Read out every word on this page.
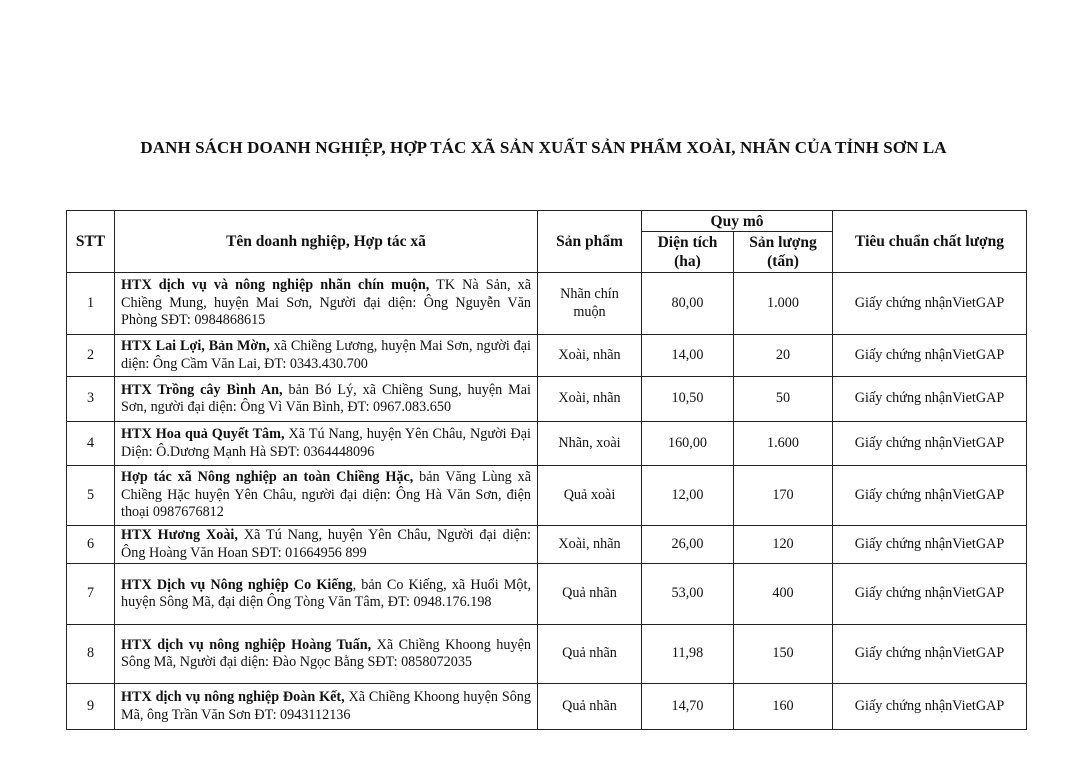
DANH SÁCH DOANH NGHIỆP, HỢP TÁC XÃ SẢN XUẤT SẢN PHẨM XOÀI, NHÃN CỦA TỈNH SƠN LA
STT	Tên doanh nghiệp, Hợp tác xã	Sản phẩm	Quy mô		Tiêu chuẩn chất lượng
			Diện tích (ha)	Sản lượng (tấn)	
1	HTX dịch vụ và nông nghiệp nhãn chín muộn, TK Nà Sản, xã Chiềng Mung, huyện Mai Sơn, Người đại diện: Ông Nguyễn Văn Phòng SĐT: 0984868615	Nhãn chín muộn	80,00	1.000	Giấy chứng nhậnVietGAP
2	HTX Lai Lợi, Bản Mờn, xã Chiềng Lương, huyện Mai Sơn, người đại diện: Ông Cầm Văn Lai, ĐT: 0343.430.700	Xoài, nhãn	14,00	20	Giấy chứng nhậnVietGAP
3	HTX Trồng cây Bình An, bản Bó Lý, xã Chiềng Sung, huyện Mai Sơn, người đại diện: Ông Vì Văn Bình, ĐT: 0967.083.650	Xoài, nhãn	10,50	50	Giấy chứng nhậnVietGAP
4	HTX Hoa quả Quyết Tâm, Xã Tú Nang, huyện Yên Châu, Người Đại Diện: Ô.Dương Mạnh Hà SĐT: 0364448096	Nhãn, xoài	160,00	1.600	Giấy chứng nhậnVietGAP
5	Hợp tác xã Nông nghiệp an toàn Chiềng Hặc, bản Văng Lùng xã Chiềng Hặc huyện Yên Châu, người đại diện: Ông Hà Văn Sơn, điện thoại 0987676812	Quả xoài	12,00	170	Giấy chứng nhậnVietGAP
6	HTX Hương Xoài, Xã Tú Nang, huyện Yên Châu, Người đại diện: Ông Hoàng Văn Hoan SĐT: 01664956 899	Xoài, nhãn	26,00	120	Giấy chứng nhậnVietGAP
7	HTX Dịch vụ Nông nghiệp Co Kiếng, bản Co Kiếng, xã Huổi Một, huyện Sông Mã, đại diện Ông Tòng Văn Tâm, ĐT: 0948.176.198	Quả nhãn	53,00	400	Giấy chứng nhậnVietGAP
8	HTX dịch vụ nông nghiệp Hoàng Tuấn, Xã Chiềng Khoong huyện Sông Mã, Người đại diện: Đào Ngọc Bằng SĐT: 0858072035	Quả nhãn	11,98	150	Giấy chứng nhậnVietGAP
9	HTX dịch vụ nông nghiệp Đoàn Kết, Xã Chiềng Khoong huyện Sông Mã, ông Trần Văn Sơn ĐT: 0943112136	Quả nhãn	14,70	160	Giấy chứng nhậnVietGAP
